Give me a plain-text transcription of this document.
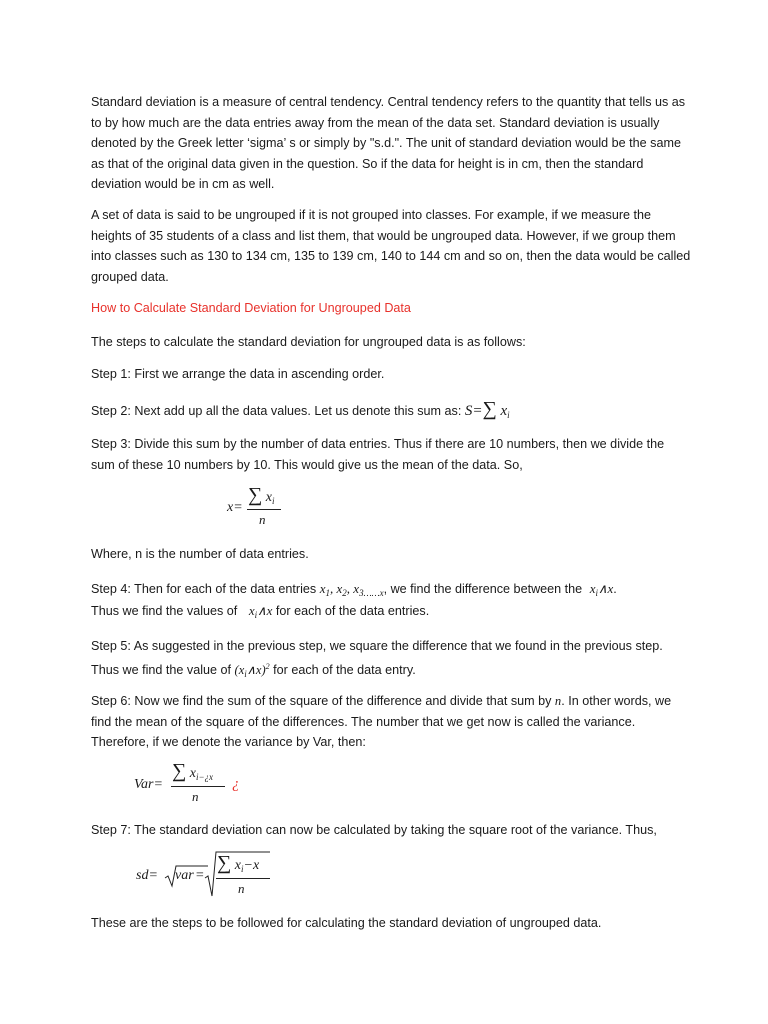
Standard deviation is a measure of central tendency. Central tendency refers to the quantity that tells us as to by how much are the data entries away from the mean of the data set. Standard deviation is usually denoted by the Greek letter ‘sigma’ s or simply by "s.d.". The unit of standard deviation would be the same as that of the original data given in the question. So if the data for height is in cm, then the standard deviation would be in cm as well.

A set of data is said to be ungrouped if it is not grouped into classes. For example, if we measure the heights of 35 students of a class and list them, that would be ungrouped data. However, if we group them into classes such as 130 to 134 cm, 135 to 139 cm, 140 to 144 cm and so on, then the data would be called grouped data.

How to Calculate Standard Deviation for Ungrouped Data

The steps to calculate the standard deviation for ungrouped data is as follows:

Step 1: First we arrange the data in ascending order.

Step 2: Next add up all the data values. Let us denote this sum as: S=∑ $x_i$

Step 3: Divide this sum by the number of data entries. Thus if there are 10 numbers, then we divide the sum of these 10 numbers by 10. This would give us the mean of the data. So,

x=
∑ $x_i$
n

Where, n is the number of data entries.

Step 4: Then for each of the data entries $x_1$, $x_2$, $x_{3\dots\dots x}$, we find the difference between the $x_i\wedge x$.

Thus we find the values of $x_i\wedge x$ for each of the data entries.

Step 5: As suggested in the previous step, we square the difference that we found in the previous step. Thus we find the value of $(x_i\wedge x)^2$ for each of the data entry.

Step 6: Now we find the sum of the square of the difference and divide that sum by n. In other words, we find the mean of the square of the differences. The number that we get now is called the variance. Therefore, if we denote the variance by Var, then:

Var=
∑ $x_{i-¿x}$
n
¿

Step 7: The standard deviation can now be calculated by taking the square root of the variance. Thus,

sd= var =
∑ $x_i-x$
n

These are the steps to be followed for calculating the standard deviation of ungrouped data.
